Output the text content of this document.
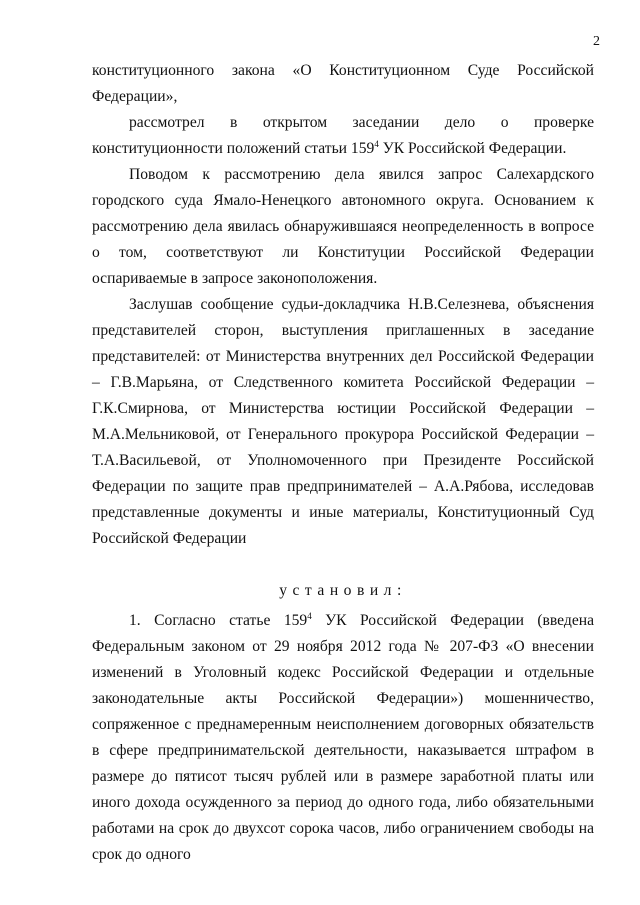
2

конституционного закона «О Конституционном Суде Российской Федерации»,

рассмотрел в открытом заседании дело о проверке конституционности положений статьи $159^4$ УК Российской Федерации.

Поводом к рассмотрению дела явился запрос Салехардского городского суда Ямало-Ненецкого автономного округа. Основанием к рассмотрению дела явилась обнаружившаяся неопределенность в вопросе о том, соответствуют ли Конституции Российской Федерации оспариваемые в запросе законоположения.

Заслушав сообщение судьи-докладчика Н.В.Селезнева, объяснения представителей сторон, выступления приглашенных в заседание представителей: от Министерства внутренних дел Российской Федерации – Г.В.Марьяна, от Следственного комитета Российской Федерации – Г.К.Смирнова, от Министерства юстиции Российской Федерации – М.А.Мельниковой, от Генерального прокурора Российской Федерации – Т.А.Васильевой, от Уполномоченного при Президенте Российской Федерации по защите прав предпринимателей – А.А.Рябова, исследовав представленные документы и иные материалы, Конституционный Суд Российской Федерации

установил:

1. Согласно статье $159^4$ УК Российской Федерации (введена Федеральным законом от 29 ноября 2012 года № 207-ФЗ «О внесении изменений в Уголовный кодекс Российской Федерации и отдельные законодательные акты Российской Федерации») мошенничество, сопряженное с преднамеренным неисполнением договорных обязательств в сфере предпринимательской деятельности, наказывается штрафом в размере до пятисот тысяч рублей или в размере заработной платы или иного дохода осужденного за период до одного года, либо обязательными работами на срок до двухсот сорока часов, либо ограничением свободы на срок до одного
